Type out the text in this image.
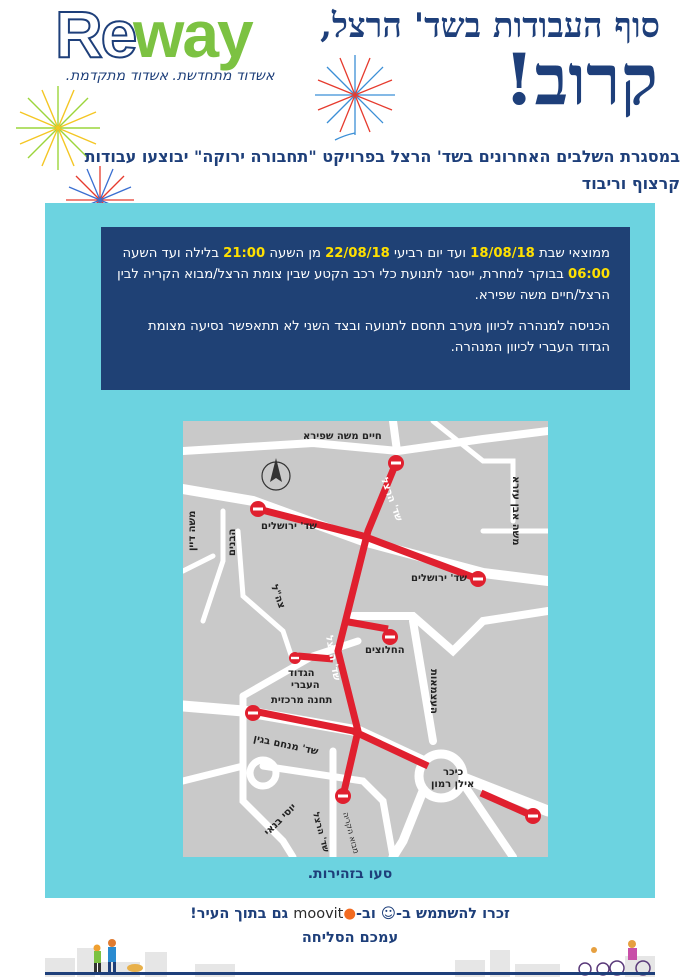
Re
way
אשדוד מתחדשת. אשדוד מתקדמת.
סוף העבודות בשד' הרצל,
קרוב!
במסגרת השלבים האחרונים בשד' הרצל בפרויקט "תחבורה ירוקה" יבוצעו עבודות קרצוף וריבוד

ממוצאי שבת 18/08/18 ועד יום רביעי 22/08/18 מן השעה 21:00 בלילה ועד השעה 06:00 בבוקר למחרת, ייסגר לתנועת כלי רכב הקטע שבין צומת הרצל/מבוא הקריה לבין הרצל/חיים משה שפירא.

הכניסה למנהרה לכיוון מערב תחסם לתנועה ובצד השני לא תתאפשר נסיעה מצומת הגדוד העברי לכיוון המנהרה.

חיים משה שפירא
משה אבן עזרא
שד' הרצל
שד' ירושלים
שד' ירושלים
משה דיין	הבנים
צה"ל
שד' הרצל החלוצים
הגדוד
העברי
תחנה מרכזית	העצמאות
שד' מנחם בגין
כיכר
אילן רמון
יוסי בנאי שד' הרצל מבוא הקריה
סעו בזהירות.
זכרו להשתמש ב-☺ וב-●moovit גם בתוך העיר!
עמכם הסליחה
